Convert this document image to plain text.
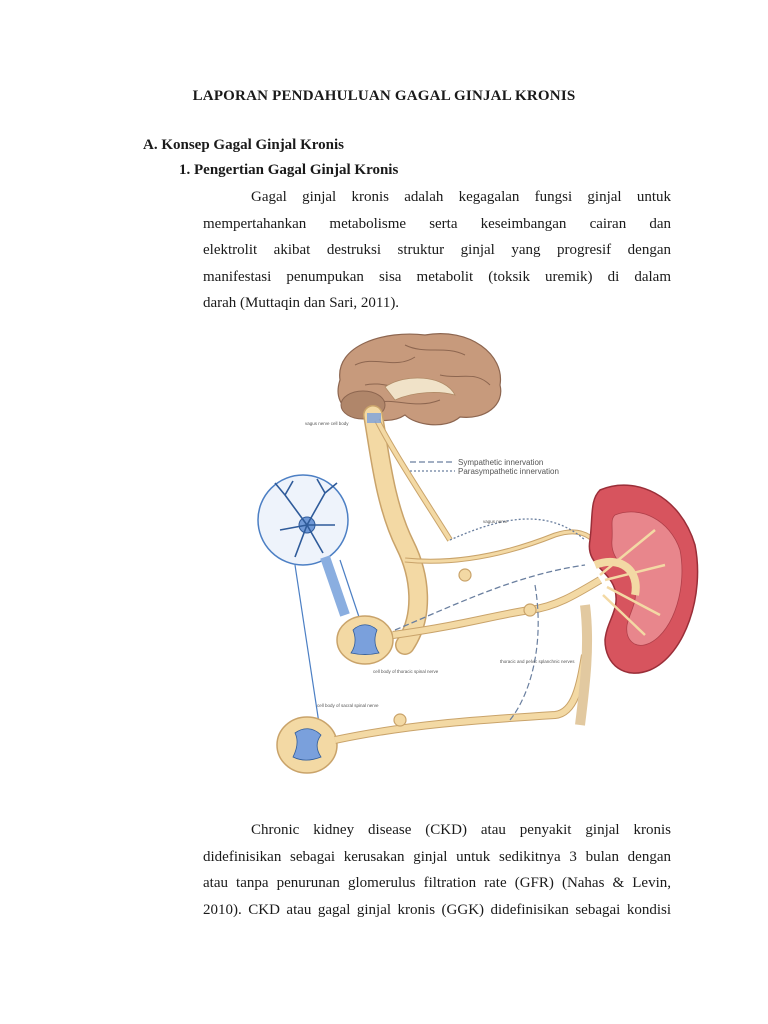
LAPORAN PENDAHULUAN GAGAL GINJAL KRONIS
A. Konsep Gagal Ginjal Kronis
1. Pengertian Gagal Ginjal Kronis
Gagal ginjal kronis adalah kegagalan fungsi ginjal untuk
mempertahankan metabolisme serta keseimbangan cairan dan
elektrolit akibat destruksi struktur ginjal yang progresif dengan
manifestasi penumpukan sisa metabolit (toksik uremik) di dalam
darah (Muttaqin dan Sari, 2011).
Sympathetic innervation
Parasympathetic innervation
vagus nerve cell body
vagus nerve
cell body of thoracic spinal nerve
thoracic and pelvic splanchnic nerves
cell body of sacral spinal nerve
Chronic kidney disease (CKD) atau penyakit ginjal kronis
didefinisikan sebagai kerusakan ginjal untuk sedikitnya 3 bulan dengan
atau tanpa penurunan glomerulus filtration rate (GFR) (Nahas & Levin,
2010). CKD atau gagal ginjal kronis (GGK) didefinisikan sebagai kondisi
